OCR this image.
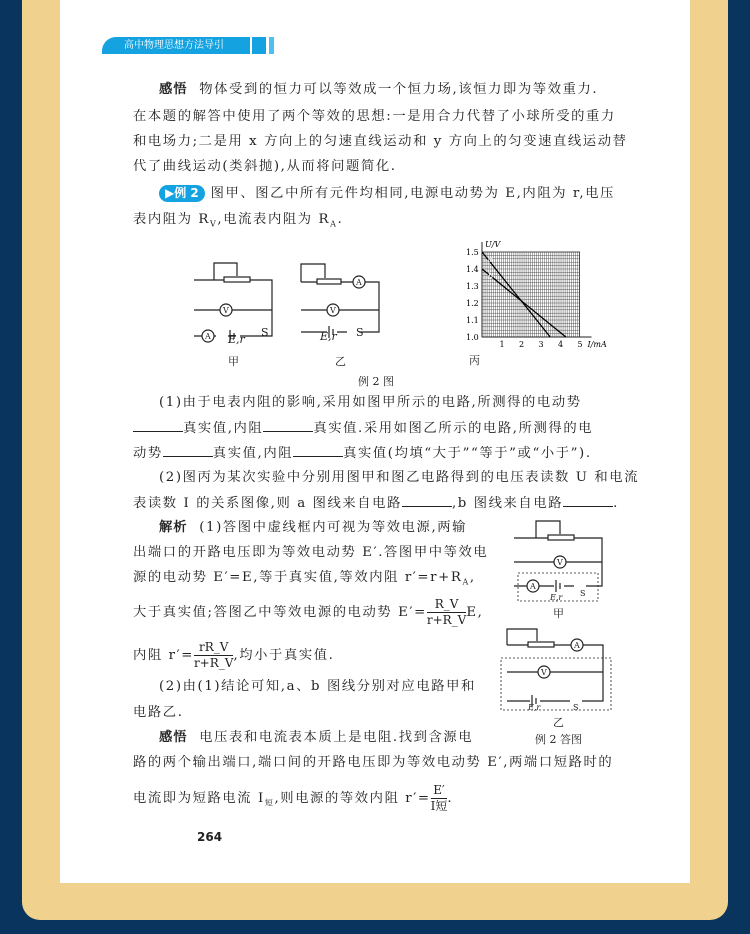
高中物理思想方法导引
感悟 物体受到的恒力可以等效成一个恒力场,该恒力即为等效重力.
在本题的解答中使用了两个等效的思想:一是用合力代替了小球所受的重力
和电场力;二是用 x 方向上的匀速直线运动和 y 方向上的匀变速直线运动替
代了曲线运动(类斜抛),从而将问题简化.
▶例 2 图甲、图乙中所有元件均相同,电源电动势为 E,内阻为 r,电压
表内阻为 $R_V$,电流表内阻为 $R_A$.
V
A E,r
S
甲
V
A
E,r S
乙
1.5
1.4
1.3
1.2
1.1
1.0
1 2 3 4 5
U/V
I/mA
a
b
丙
例 2 图
(1)由于电表内阻的影响,采用如图甲所示的电路,所测得的电动势
真实值,内阻	真实值.采用如图乙所示的电路,所测得的电
动势	真实值,内阻	真实值(均填“大于”“等于”或“小于”).
(2)图丙为某次实验中分别用图甲和图乙电路得到的电压表读数 U 和电流
表读数 I 的关系图像,则 a 图线来自电路	,b 图线来自电路	.
解析 (1)答图中虚线框内可视为等效电源,两输
出端口的开路电压即为等效电动势 E′.答图甲中等效电
源的电动势 E′=E,等于真实值,等效内阻 $r'=r+R_A$,
大于真实值;答图乙中等效电源的电动势 $E'= \frac{R\_V}{r+R\_V} E$,
内阻 $r'= \frac{rR\_V}{r+R\_V}$ ,均小于真实值.
(2)由(1)结论可知,a、b 图线分别对应电路甲和
电路乙.
V
A
E,r S
甲
V
A
E,r	S
乙
例 2 答图
感悟 电压表和电流表本质上是电阻.找到含源电
路的两个输出端口,端口间的开路电压即为等效电动势 E′,两端口短路时的
电流即为短路电流 $I_短$,则电源的等效内阻 $r'= \frac{E'}{\text{I短}}$ .
264
